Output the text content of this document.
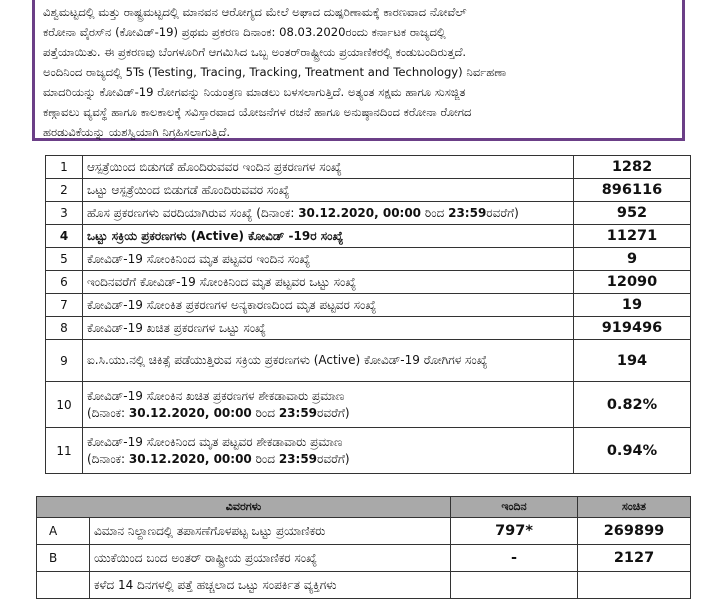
ವಿಶ್ವಮಟ್ಟದಲ್ಲಿ ಮತ್ತು ರಾಷ್ಟ್ರಮಟ್ಟದಲ್ಲಿ ಮಾನವನ ಆರೋಗ್ಯದ ಮೇಲೆ ಅಘಾದ ದುಷ್ಪರಿಣಾಮಕ್ಕೆ ಕಾರಣವಾದ ನೋವೆಲ್
ಕರೋನಾ ವೈರಸ್‌ನ (ಕೋವಿಡ್-19) ಪ್ರಥಮ ಪ್ರಕರಣ ದಿನಾಂಕ: 08.03.2020ರಂದು ಕರ್ನಾಟಕ ರಾಜ್ಯದಲ್ಲಿ
ಪತ್ತೆಯಾಯಿತು. ಈ ಪ್ರಕರಣವು ಬೆಂಗಳೂರಿಗೆ ಆಗಮಿಸಿದ ಒಬ್ಬ ಅಂತರ್‌ರಾಷ್ಟ್ರೀಯ ಪ್ರಯಾಣಿಕರಲ್ಲಿ ಕಂಡುಬಂದಿರುತ್ತದೆ.
ಅಂದಿನಿಂದ ರಾಜ್ಯದಲ್ಲಿ 5Ts (Testing, Tracing, Tracking, Treatment and Technology) ನಿರ್ವಹಣಾ
ಮಾದರಿಯನ್ನು ಕೋವಿಡ್-19 ರೋಗವನ್ನು ನಿಯಂತ್ರಣ ಮಾಡಲು ಬಳಸಲಾಗುತ್ತಿದೆ. ಅತ್ಯಂತ ಸಕ್ಷಮ ಹಾಗೂ ಸುಸಜ್ಜಿತ
ಕಣ್ಗಾವಲು ವ್ಯವಸ್ಥೆ ಹಾಗೂ ಕಾಲಕಾಲಕ್ಕೆ ಸವಿಸ್ತಾರವಾದ ಯೋಜನೆಗಳ ರಚನೆ ಹಾಗೂ ಅನುಷ್ಠಾನದಿಂದ ಕರೋನಾ ರೋಗದ
ಹರಡುವಿಕೆಯನ್ನು ಯಶಸ್ವಿಯಾಗಿ ನಿಗ್ರಹಿಸಲಾಗುತ್ತಿದೆ.
1	ಆಸ್ಪತ್ರೆಯಿಂದ ಬಿಡುಗಡೆ ಹೊಂದಿರುವವರ ಇಂದಿನ ಪ್ರಕರಣಗಳ ಸಂಖ್ಯೆ	1282
2	ಒಟ್ಟು ಆಸ್ಪತ್ರೆಯಿಂದ ಬಿಡುಗಡೆ ಹೊಂದಿರುವವರ ಸಂಖ್ಯೆ	896116
3	ಹೊಸ ಪ್ರಕರಣಗಳು ವರದಿಯಾಗಿರುವ ಸಂಖ್ಯೆ (ದಿನಾಂಕ: 30.12.2020, 00:00 ರಿಂದ 23:59ರವರೆಗೆ)	952
4	ಒಟ್ಟು ಸಕ್ರಿಯ ಪ್ರಕರಣಗಳು (Active) ಕೋವಿಡ್ -19ರ ಸಂಖ್ಯೆ	11271
5	ಕೋವಿಡ್-19 ಸೋಂಕಿನಿಂದ ಮೃತ ಪಟ್ಟವರ ಇಂದಿನ ಸಂಖ್ಯೆ	9
6	ಇಂದಿನವರೆಗೆ ಕೋವಿಡ್-19 ಸೋಂಕಿನಿಂದ ಮೃತ ಪಟ್ಟವರ ಒಟ್ಟು ಸಂಖ್ಯೆ	12090
7	ಕೋವಿಡ್-19 ಸೋಂಕಿತ ಪ್ರಕರಣಗಳ ಅನ್ಯಕಾರಣದಿಂದ ಮೃತ ಪಟ್ಟವರ ಸಂಖ್ಯೆ	19
8	ಕೋವಿಡ್-19 ಖಚಿತ ಪ್ರಕರಣಗಳ ಒಟ್ಟು ಸಂಖ್ಯೆ	919496
9	ಐ.ಸಿ.ಯು.ನಲ್ಲಿ ಚಿಕಿತ್ಸೆ ಪಡೆಯುತ್ತಿರುವ ಸಕ್ರಿಯ ಪ್ರಕರಣಗಳು (Active) ಕೋವಿಡ್-19 ರೋಗಿಗಳ ಸಂಖ್ಯೆ	194
10	ಕೋವಿಡ್-19 ಸೋಂಕಿನ ಖಚಿತ ಪ್ರಕರಣಗಳ ಶೇಕಡಾವಾರು ಪ್ರಮಾಣ
(ದಿನಾಂಕ: 30.12.2020, 00:00 ರಿಂದ 23:59ರವರೆಗೆ)	0.82%
11	ಕೋವಿಡ್-19 ಸೋಂಕಿನಿಂದ ಮೃತ ಪಟ್ಟವರ ಶೇಕಡಾವಾರು ಪ್ರಮಾಣ
(ದಿನಾಂಕ: 30.12.2020, 00:00 ರಿಂದ 23:59ರವರೆಗೆ)	0.94%
ವಿವರಗಳು		ಇಂದಿನ	ಸಂಚಿತ
A	ವಿಮಾನ ನಿಲ್ದಾಣದಲ್ಲಿ ತಪಾಸಣೆಗೊಳಪಟ್ಟ ಒಟ್ಟು ಪ್ರಯಾಣಿಕರು	797*	269899
B	ಯುಕೆಯಿಂದ ಬಂದ ಅಂತರ್ ರಾಷ್ಟ್ರೀಯ ಪ್ರಯಾಣಿಕರ ಸಂಖ್ಯೆ	-	2127
	ಕಳೆದ 14 ದಿನಗಳಲ್ಲಿ ಪತ್ತೆ ಹಚ್ಚಲಾದ ಒಟ್ಟು ಸಂಪರ್ಕಿತ ವ್ಯಕ್ತಿಗಳು		
